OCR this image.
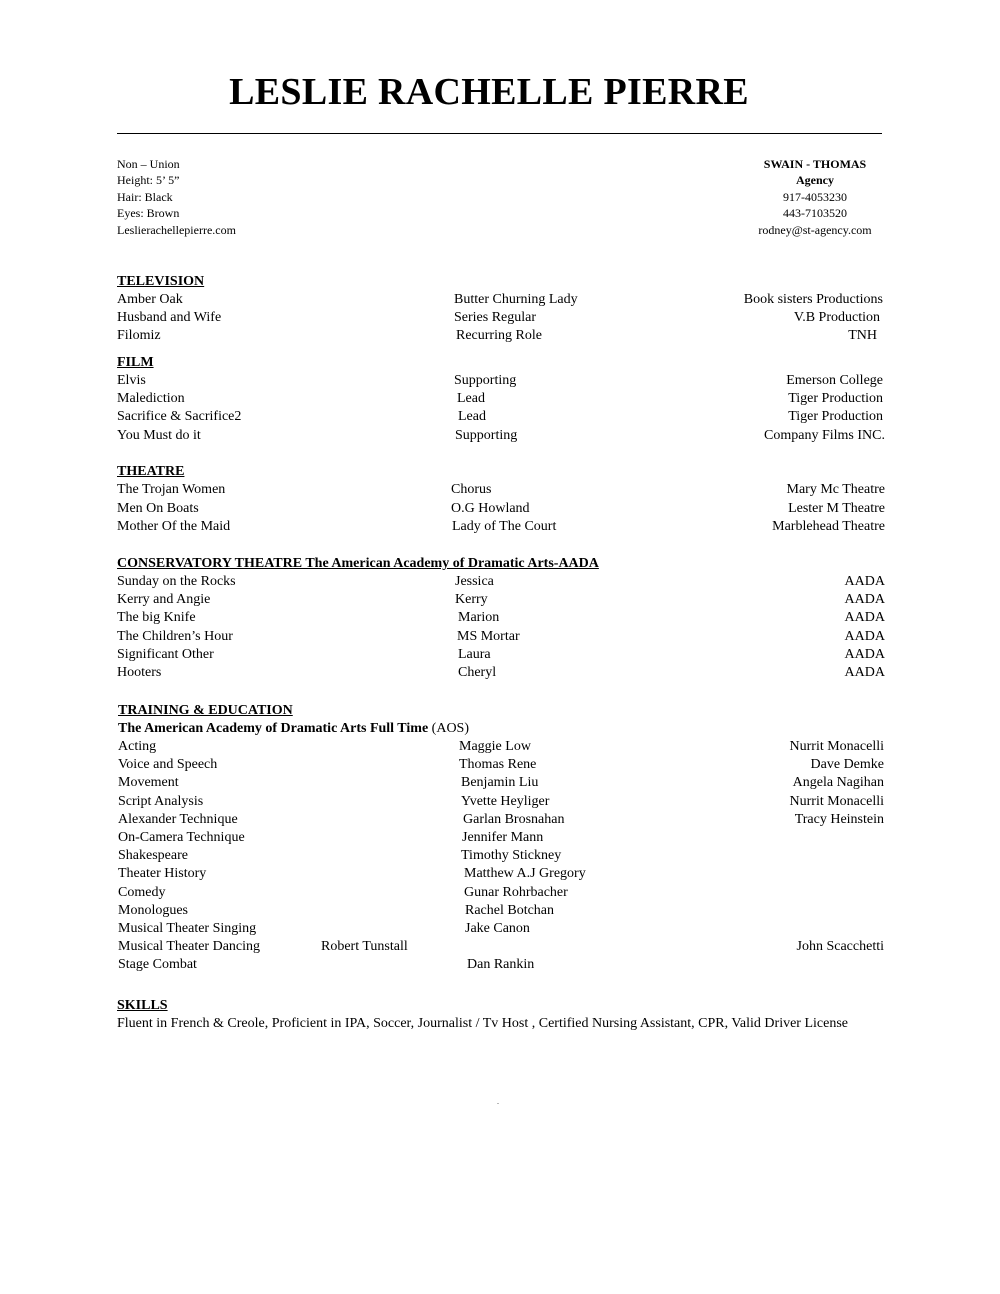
LESLIE RACHELLE PIERRE
Non – Union
Height: 5’ 5”
Hair: Black
Eyes: Brown
Leslierachellepierre.com
SWAIN - THOMAS
Agency
917-4053230
443-7103520
rodney@st-agency.com
TELEVISION
Amber Oak	Butter Churning Lady	Book sisters Productions
Husband and Wife	Series Regular	V.B Production
Filomiz	Recurring Role	TNH
FILM
Elvis	Supporting	Emerson College
Malediction	Lead	Tiger Production
Sacrifice & Sacrifice2	Lead	Tiger Production
You Must do it	Supporting	Company Films INC.
THEATRE
The Trojan Women	Chorus	Mary Mc Theatre
Men On Boats	O.G Howland	Lester M Theatre
Mother Of the Maid	Lady of The Court	Marblehead Theatre
CONSERVATORY THEATRE The American Academy of Dramatic Arts-AADA
Sunday on the Rocks	Jessica	AADA
Kerry and Angie	Kerry	AADA
The big Knife	Marion	AADA
The Children’s Hour	MS Mortar	AADA
Significant Other	Laura	AADA
Hooters	Cheryl	AADA
TRAINING & EDUCATION
The American Academy of Dramatic Arts Full Time (AOS)
Acting	Maggie Low	Nurrit Monacelli
Voice and Speech	Thomas Rene	Dave Demke
Movement	Benjamin Liu	Angela Nagihan
Script Analysis	Yvette Heyliger	Nurrit Monacelli
Alexander Technique	Garlan Brosnahan	Tracy Heinstein
On-Camera Technique	Jennifer Mann
Shakespeare	Timothy Stickney
Theater History	Matthew A.J Gregory
Comedy	Gunar Rohrbacher
Monologues	Rachel Botchan
Musical Theater Singing	Jake Canon
Musical Theater Dancing	Robert Tunstall	John Scacchetti
Stage Combat	Dan Rankin
SKILLS
Fluent in French & Creole, Proficient in IPA, Soccer, Journalist / Tv Host , Certified Nursing Assistant, CPR, Valid Driver License
.
